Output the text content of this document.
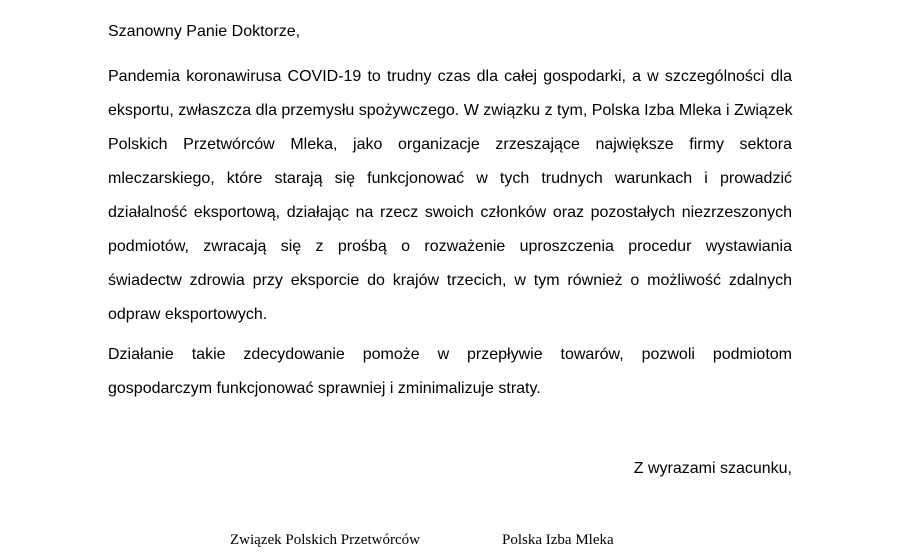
Szanowny Panie Doktorze,

Pandemia koronawirusa COVID-19 to trudny czas dla całej gospodarki, a w szczególności dla
eksportu, zwłaszcza dla przemysłu spożywczego. W związku z tym, Polska Izba Mleka i Związek
Polskich Przetwórców Mleka, jako organizacje zrzeszające największe firmy sektora
mleczarskiego, które starają się funkcjonować w tych trudnych warunkach i prowadzić
działalność eksportową, działając na rzecz swoich członków oraz pozostałych niezrzeszonych
podmiotów, zwracają się z prośbą o rozważenie uproszczenia procedur wystawiania
świadectw zdrowia przy eksporcie do krajów trzecich, w tym również o możliwość zdalnych
odpraw eksportowych.
Działanie takie zdecydowanie pomoże w przepływie towarów, pozwoli podmiotom
gospodarczym funkcjonować sprawniej i zminimalizuje straty.

Z wyrazami szacunku,

Związek Polskich Przetwórców	Polska Izba Mleka
